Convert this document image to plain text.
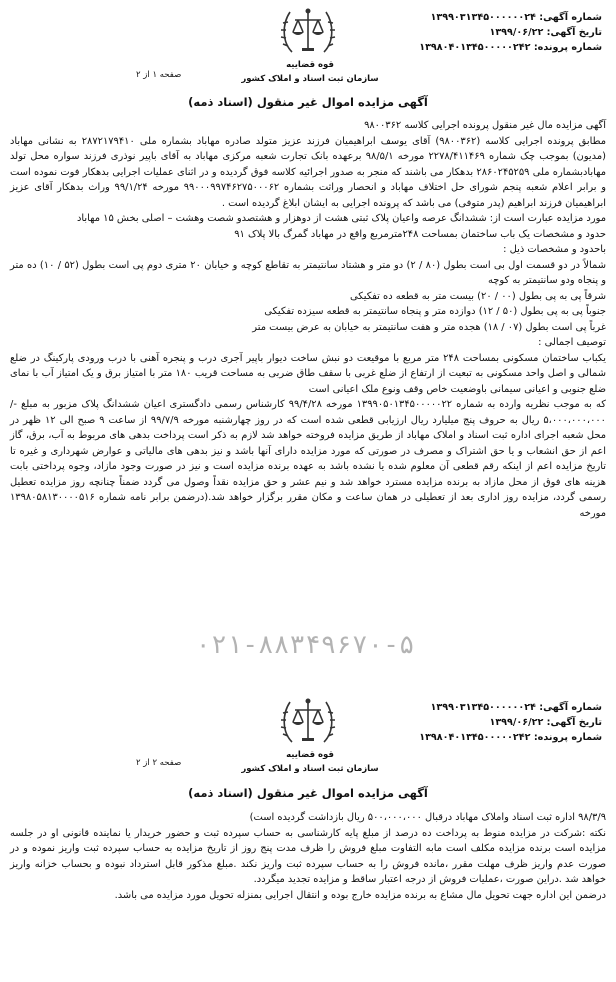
شماره آگهی: ۱۳۹۹۰۳۱۳۴۵۰۰۰۰۰۰۲۴
تاریخ آگهی: ۱۳۹۹/۰۶/۲۲
شماره پرونده: ۱۳۹۸۰۴۰۱۳۴۵۰۰۰۰۰۲۴۲
قوه قضاییه
سازمان ثبت اسناد و املاک کشور
صفحه ۱ از ۲
آگهی مزایده اموال غیر منقول (اسناد ذمه)

آگهی مزایده مال غیر منقول پرونده اجرایی کلاسه ۹۸۰۰۳۶۲

مطابق پرونده اجرایی کلاسه (۹۸۰۰۳۶۲) آقای یوسف ابراهیمیان فرزند عزیز متولد صادره مهاباد بشماره ملی ۲۸۷۲۱۷۹۴۱۰ به نشانی مهاباد (مدیون) بموجب چک شماره ۲۲۷۸/۴۱۱۴۶۹ مورخه ۹۸/۵/۱ برعهده بانک تجارت شعبه مرکزی مهاباد به آقای باپیر نوذری فرزند سواره محل تولد مهابادبشماره ملی ۲۸۶۰۲۴۵۲۵۹ بدهکار می باشند که منجر به صدور اجرائیه کلاسه فوق گردیده و در اثنای عملیات اجرایی بدهکار فوت نموده است و برابر اعلام شعبه پنجم شورای حل اختلاف مهاباد و انحصار وراثت بشماره ۹۹۰۰۰۹۹۷۴۶۲۷۵۰۰۰۶۲ مورخه ۹۹/۱/۲۴ وراث بدهکار آقای عزیز ابراهیمیان فرزند ابراهیم (پدر متوفی) می باشد که پرونده اجرایی به ایشان ابلاغ گردیده است .

مورد مزایده عبارت است از: ششدانگ عرصه واعیان پلاک ثبتی هشت از دوهزار و هشتصدو شصت وهشت – اصلی بخش ۱۵ مهاباد

حدود و مشخصات یک باب ساختمان بمساحت ۲۴۸مترمربع واقع در مهاباد گمرگ بالا پلاک ۹۱

باحدود و مشخصات ذیل :

شمالاً در دو قسمت اول بی است بطول (۸۰ / ۲) دو متر و هشتاد سانتیمتر به تقاطع کوچه و خیابان ۲۰ متری دوم پی است بطول (۵۲ / ۱۰) ده متر و پنجاه ودو سانتیمتر به کوچه

شرقاً پی به پی بطول (۰۰ / ۲۰) بیست متر به قطعه ده تفکیکی

جنوباً پی به پی بطول (۵۰ / ۱۲) دوازده متر و پنجاه سانتیمتر به قطعه سیزده تفکیکی

غرباً پی است بطول (۰۷ / ۱۸) هجده متر و هفت سانتیمتر به خیابان به عرض بیست متر

توصیف اجمالی :

یکباب ساختمان مسکونی بمساحت ۲۴۸ متر مربع با موقیعت دو نبش ساخت دیوار باپیر آجری درب و پنجره آهنی با درب ورودی پارکینگ در ضلع شمالی و اصل واحد مسکونی به تبعیت از ارتفاع از ضلع غربی با سقف طاق ضربی به مساحت قریب ۱۸۰ متر با امتیاز برق و یک امتیاز آب با نمای ضلع جنوبی و اعیانی سیمانی باوضعیت خاص وقف ونوع ملک اعیانی است

که به موجب نظریه وارده به شماره ۱۳۹۹۰۵۰۱۳۴۵۰۰۰۰۰۲۲ مورخه ۹۹/۴/۲۸ کارشناس رسمی دادگستری اعیان ششدانگ پلاک مزبور به مبلغ -/۵،۰۰۰،۰۰۰،۰۰۰ ریال به حروف پنج میلیارد ریال ارزیابی قطعی شده است که در روز چهارشنبه مورخه ۹۹/۷/۹ از ساعت ۹ صبح الی ۱۲ ظهر در محل شعبه اجرای اداره ثبت اسناد و املاک مهاباد از طریق مزایده فروخته خواهد شد لازم به ذکر است پرداخت بدهی های مربوط به آب، برق، گاز اعم از حق انشعاب و یا حق اشتراک و مصرف در صورتی که مورد مزایده دارای آنها باشد و نیز بدهی های مالیاتی و عوارض شهرداری و غیره تا تاریخ مزایده اعم از اینکه رقم قطعی آن معلوم شده یا نشده باشد به عهده برنده مزایده است و نیز در صورت وجود مازاد، وجوه پرداختی بابت هزینه های فوق از محل مازاد به برنده مزایده مسترد خواهد شد و نیم عشر و حق مزایده نقداً وصول می گردد ضمناً چنانچه روز مزایده تعطیل رسمی گردد، مزایده روز اداری بعد از تعطیلی در همان ساعت و مکان مقرر برگزار خواهد شد.(درضمن برابر نامه شماره ۱۳۹۸۰۵۸۱۳۰۰۰۰۵۱۶ مورخه

۰۲۱-۸۸۳۴۹۶۷۰-۵
شماره آگهی: ۱۳۹۹۰۳۱۳۴۵۰۰۰۰۰۰۲۴
تاریخ آگهی: ۱۳۹۹/۰۶/۲۲
شماره پرونده: ۱۳۹۸۰۴۰۱۳۴۵۰۰۰۰۰۲۴۲
قوه قضاییه
سازمان ثبت اسناد و املاک کشور
صفحه ۲ از ۲
آگهی مزایده اموال غیر منقول (اسناد ذمه)

۹۸/۳/۹ اداره ثبت اسناد واملاک مهاباد درقبال ۵۰۰،۰۰۰،۰۰۰ ریال بازداشت گردیده است)

نکته :شرکت در مزایده منوط به پرداخت ده درصد از مبلغ پایه کارشناسی به حساب سپرده ثبت و حضور خریدار یا نماینده قانونی او در جلسه مزایده است برنده مزایده مکلف است مابه التفاوت مبلغ فروش را ظرف مدت پنج روز از تاریخ مزایده به حساب سپرده ثبت واریز نموده و در صورت عدم واریز ظرف مهلت مقرر ،مانده فروش را به حساب سپرده ثبت واریز نکند .مبلغ مذکور قابل استرداد نبوده و بحساب خزانه واریز خواهد شد .دراین صورت ،عملیات فروش از درجه اعتبار ساقط و مزایده تجدید میگردد.

درضمن این اداره جهت تحویل مال مشاع به برنده مزایده خارج بوده و انتقال اجرایی بمنزله تحویل مورد مزایده می باشد.
